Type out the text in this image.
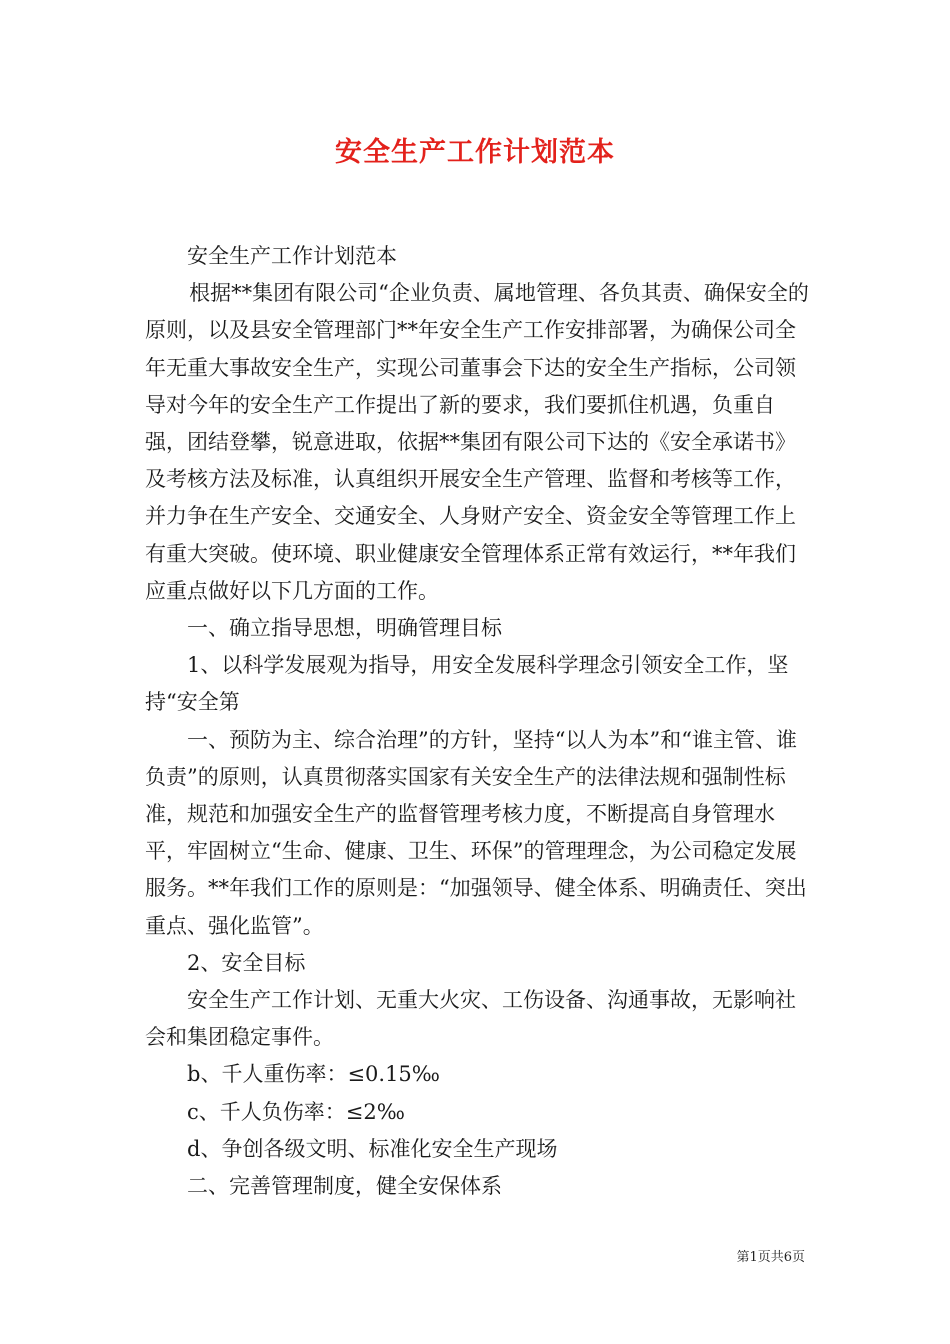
安全生产工作计划范本

安全生产工作计划范本

根据**集团有限公司“企业负责、属地管理、各负其责、确保安全的原则，以及县安全管理部门**年安全生产工作安排部署，为确保公司全年无重大事故安全生产，实现公司董事会下达的安全生产指标，公司领导对今年的安全生产工作提出了新的要求，我们要抓住机遇，负重自强，团结登攀，锐意进取，依据**集团有限公司下达的《安全承诺书》及考核方法及标准，认真组织开展安全生产管理、监督和考核等工作，并力争在生产安全、交通安全、人身财产安全、资金安全等管理工作上有重大突破。使环境、职业健康安全管理体系正常有效运行，**年我们应重点做好以下几方面的工作。

一、确立指导思想，明确管理目标

1、以科学发展观为指导，用安全发展科学理念引领安全工作，坚持“安全第

一、预防为主、综合治理”的方针，坚持“以人为本”和“谁主管、谁负责”的原则，认真贯彻落实国家有关安全生产的法律法规和强制性标准，规范和加强安全生产的监督管理考核力度，不断提高自身管理水平，牢固树立“生命、健康、卫生、环保”的管理理念，为公司稳定发展服务。**年我们工作的原则是：“加强领导、健全体系、明确责任、突出重点、强化监管”。

2、安全目标

安全生产工作计划、无重大火灾、工伤设备、沟通事故，无影响社会和集团稳定事件。

b、千人重伤率：≤0.15‰

c、千人负伤率：≤2‰

d、争创各级文明、标准化安全生产现场

二、完善管理制度，健全安保体系

第1页共6页
